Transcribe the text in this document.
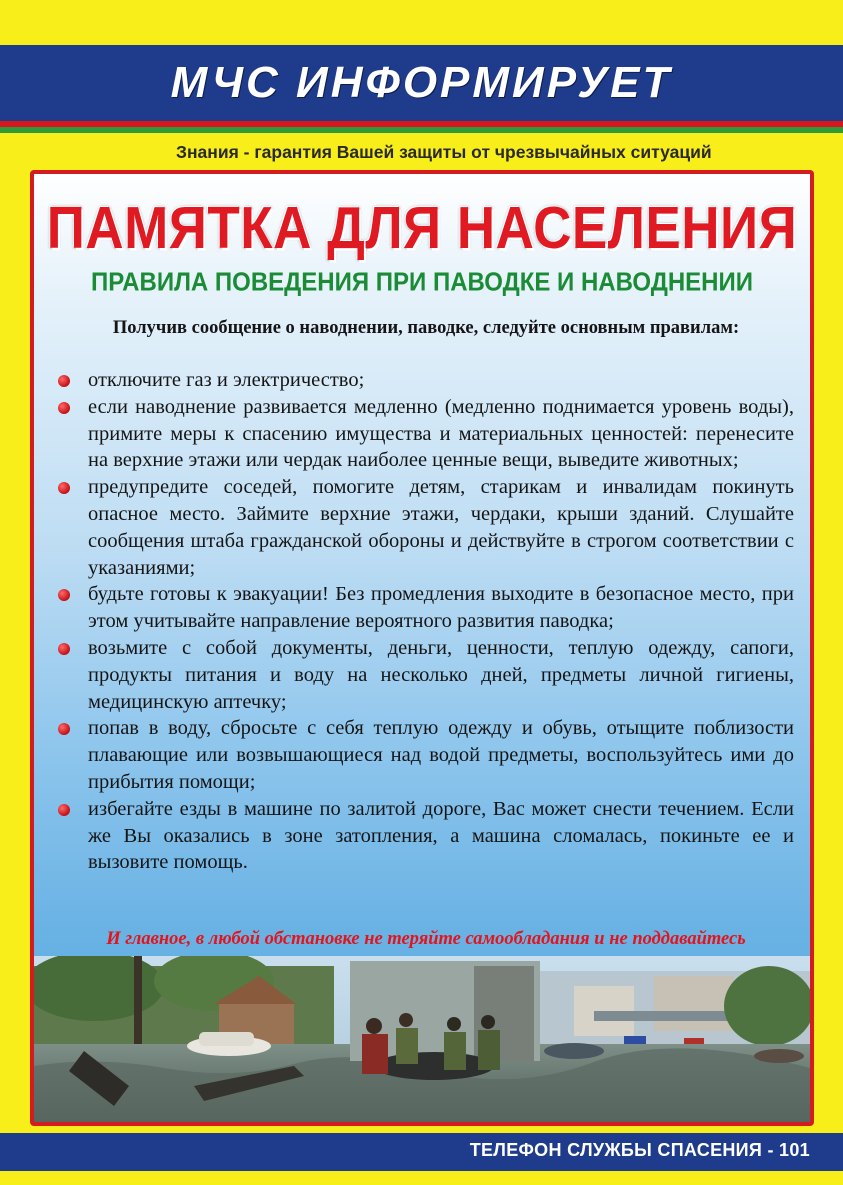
МЧС ИНФОРМИРУЕТ
Знания - гарантия Вашей защиты от чрезвычайных ситуаций
ПАМЯТКА ДЛЯ НАСЕЛЕНИЯ
ПРАВИЛА ПОВЕДЕНИЯ ПРИ ПАВОДКЕ И НАВОДНЕНИИ
Получив сообщение о наводнении, паводке, следуйте основным правилам:
отключите газ и электричество;
если наводнение развивается медленно (медленно поднимается уровень воды), примите меры к спасению имущества и материальных ценностей: перенесите на верхние этажи или чердак наиболее ценные вещи, выведите животных;
предупредите соседей, помогите детям, старикам и инвалидам покинуть опасное место. Займите верхние этажи, чердаки, крыши зданий. Слушайте сообщения штаба гражданской обороны и действуйте в строгом соответствии с указаниями;
будьте готовы к эвакуации! Без промедления выходите в безопасное место, при этом учитывайте направление вероятного развития паводка;
возьмите с собой документы, деньги, ценности, теплую одежду, сапоги, продукты питания и воду на несколько дней, предметы личной гигиены, медицинскую аптечку;
попав в воду, сбросьте с себя теплую одежду и обувь, отыщите поблизости плавающие или возвышающиеся над водой предметы, воспользуйтесь ими до прибытия помощи;
избегайте езды в машине по залитой дороге, Вас может снести течением. Если же Вы оказались в зоне затопления, а машина сломалась, покиньте ее и вызовите помощь.
И главное, в любой обстановке не теряйте самообладания и не поддавайтесь
ТЕЛЕФОН СЛУЖБЫ СПАСЕНИЯ - 101
